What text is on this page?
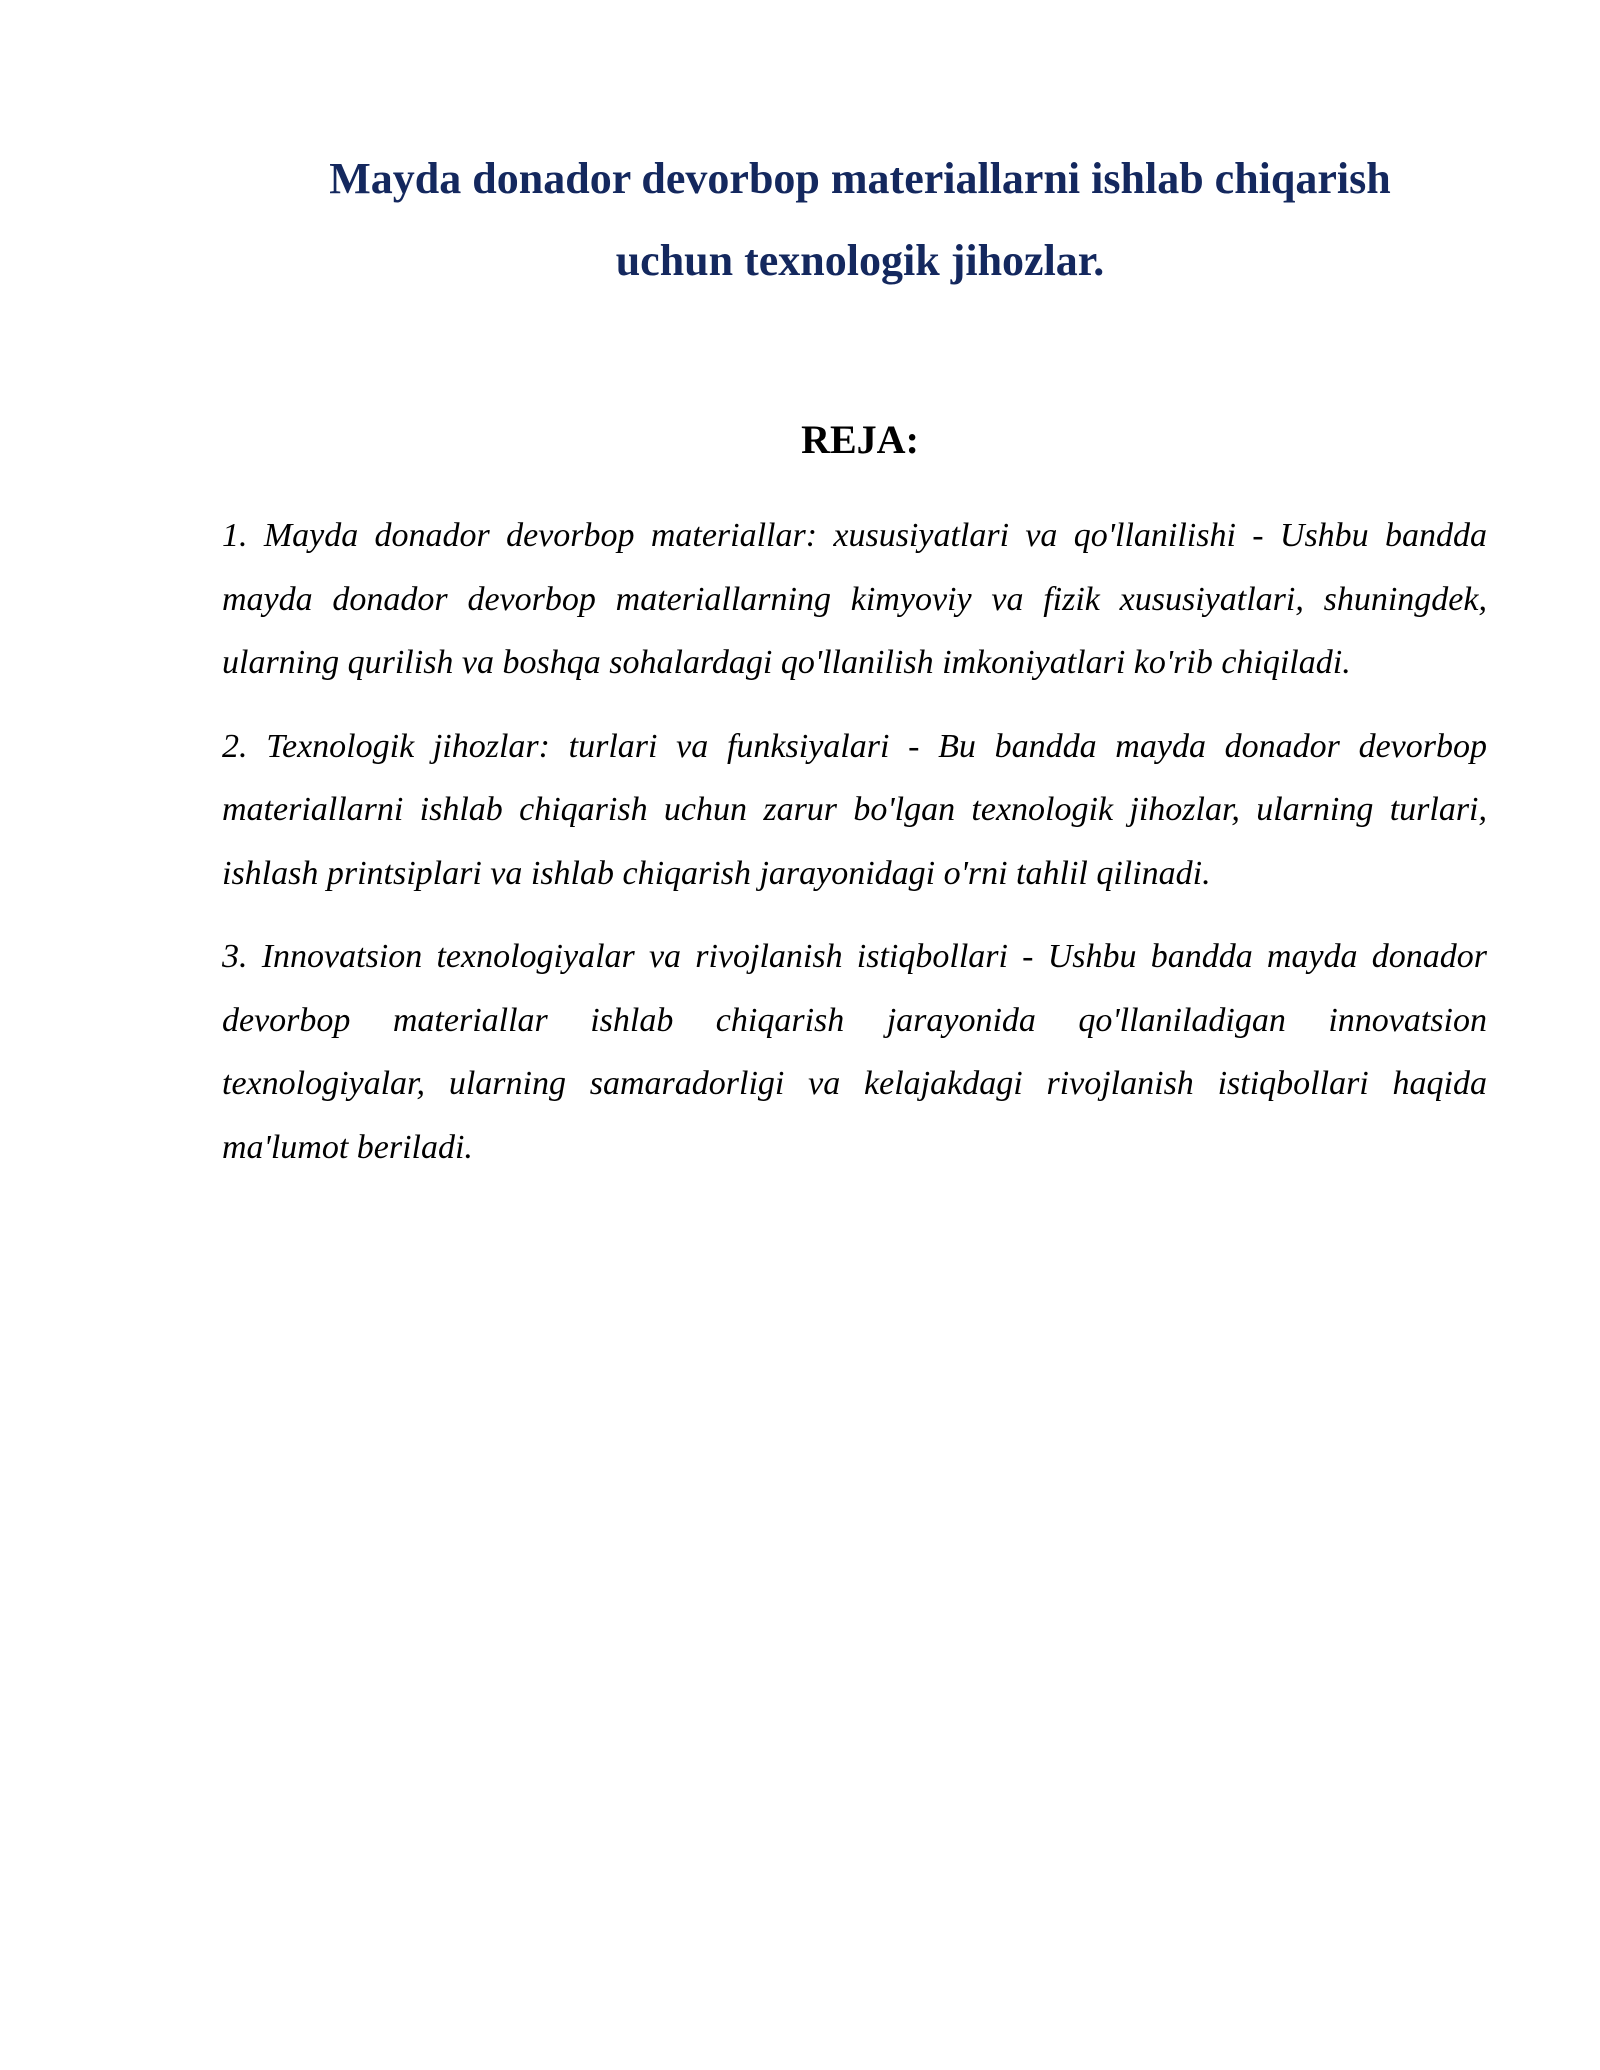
Mayda donador devorbop materiallarni ishlab chiqarish
uchun texnologik jihozlar.
REJA:
1. Mayda donador devorbop materiallar: xususiyatlari va qo'llanilishi - Ushbu bandda mayda donador devorbop materiallarning kimyoviy va fizik xususiyatlari, shuningdek, ularning qurilish va boshqa sohalardagi qo'llanilish imkoniyatlari ko'rib chiqiladi.
2. Texnologik jihozlar: turlari va funksiyalari - Bu bandda mayda donador devorbop materiallarni ishlab chiqarish uchun zarur bo'lgan texnologik jihozlar, ularning turlari, ishlash printsiplari va ishlab chiqarish jarayonidagi o'rni tahlil qilinadi.
3. Innovatsion texnologiyalar va rivojlanish istiqbollari - Ushbu bandda mayda donador devorbop materiallar ishlab chiqarish jarayonida qo'llaniladigan innovatsion texnologiyalar, ularning samaradorligi va kelajakdagi rivojlanish istiqbollari haqida ma'lumot beriladi.
